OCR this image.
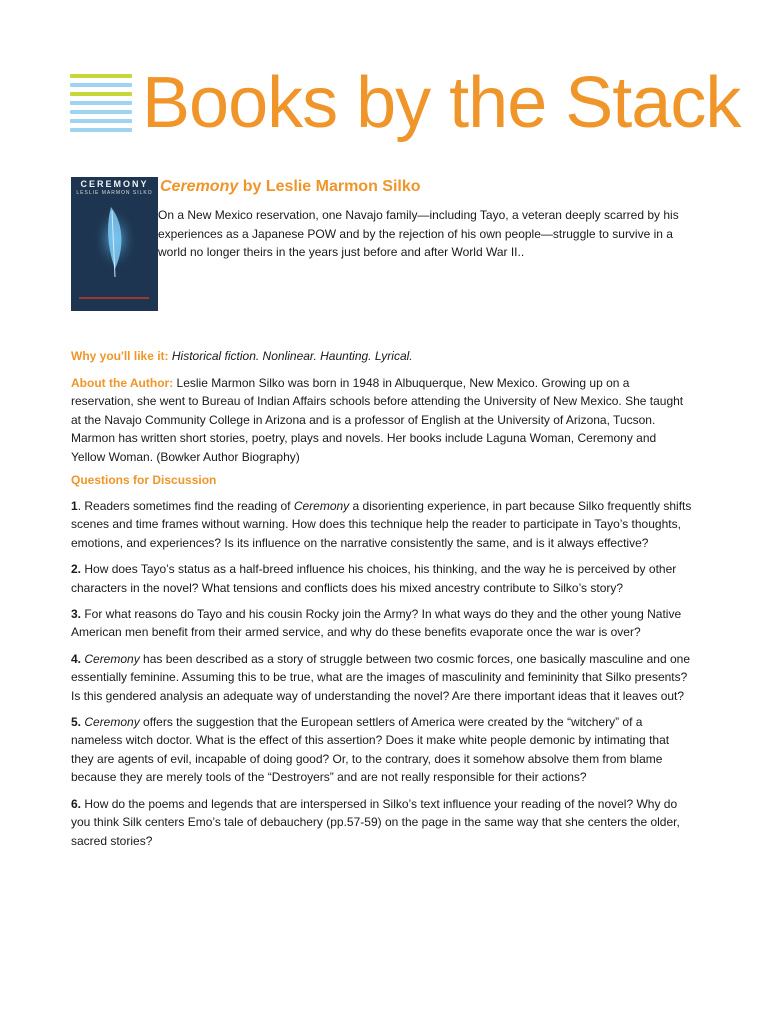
Books by the Stack
CEREMONY
LESLIE MARMON SILKO Ceremony by Leslie Marmon Silko
On a New Mexico reservation, one Navajo family—including Tayo, a veteran deeply scarred by his experiences as a Japanese POW and by the rejection of his own people—struggle to survive in a world no longer theirs in the years just before and after World War II..
Why you'll like it: Historical fiction. Nonlinear. Haunting. Lyrical.
About the Author: Leslie Marmon Silko was born in 1948 in Albuquerque, New Mexico. Growing up on a reservation, she went to Bureau of Indian Affairs schools before attending the University of New Mexico. She taught at the Navajo Community College in Arizona and is a professor of English at the University of Arizona, Tucson. Marmon has written short stories, poetry, plays and novels. Her books include Laguna Woman, Ceremony and Yellow Woman. (Bowker Author Biography)
Questions for Discussion

1. Readers sometimes find the reading of Ceremony a disorienting experience, in part because Silko frequently shifts scenes and time frames without warning. How does this technique help the reader to participate in Tayo’s thoughts, emotions, and experiences? Is its influence on the narrative consistently the same, and is it always effective?

2. How does Tayo’s status as a half-breed influence his choices, his thinking, and the way he is perceived by other characters in the novel? What tensions and conflicts does his mixed ancestry contribute to Silko’s story?

3. For what reasons do Tayo and his cousin Rocky join the Army? In what ways do they and the other young Native American men benefit from their armed service, and why do these benefits evaporate once the war is over?

4. Ceremony has been described as a story of struggle between two cosmic forces, one basically masculine and one essentially feminine. Assuming this to be true, what are the images of masculinity and femininity that Silko presents? Is this gendered analysis an adequate way of understanding the novel? Are there important ideas that it leaves out?

5. Ceremony offers the suggestion that the European settlers of America were created by the “witchery” of a nameless witch doctor. What is the effect of this assertion? Does it make white people demonic by intimating that they are agents of evil, incapable of doing good? Or, to the contrary, does it somehow absolve them from blame because they are merely tools of the “Destroyers” and are not really responsible for their actions?

6. How do the poems and legends that are interspersed in Silko’s text influence your reading of the novel? Why do you think Silk centers Emo’s tale of debauchery (pp.57-59) on the page in the same way that she centers the older, sacred stories?
